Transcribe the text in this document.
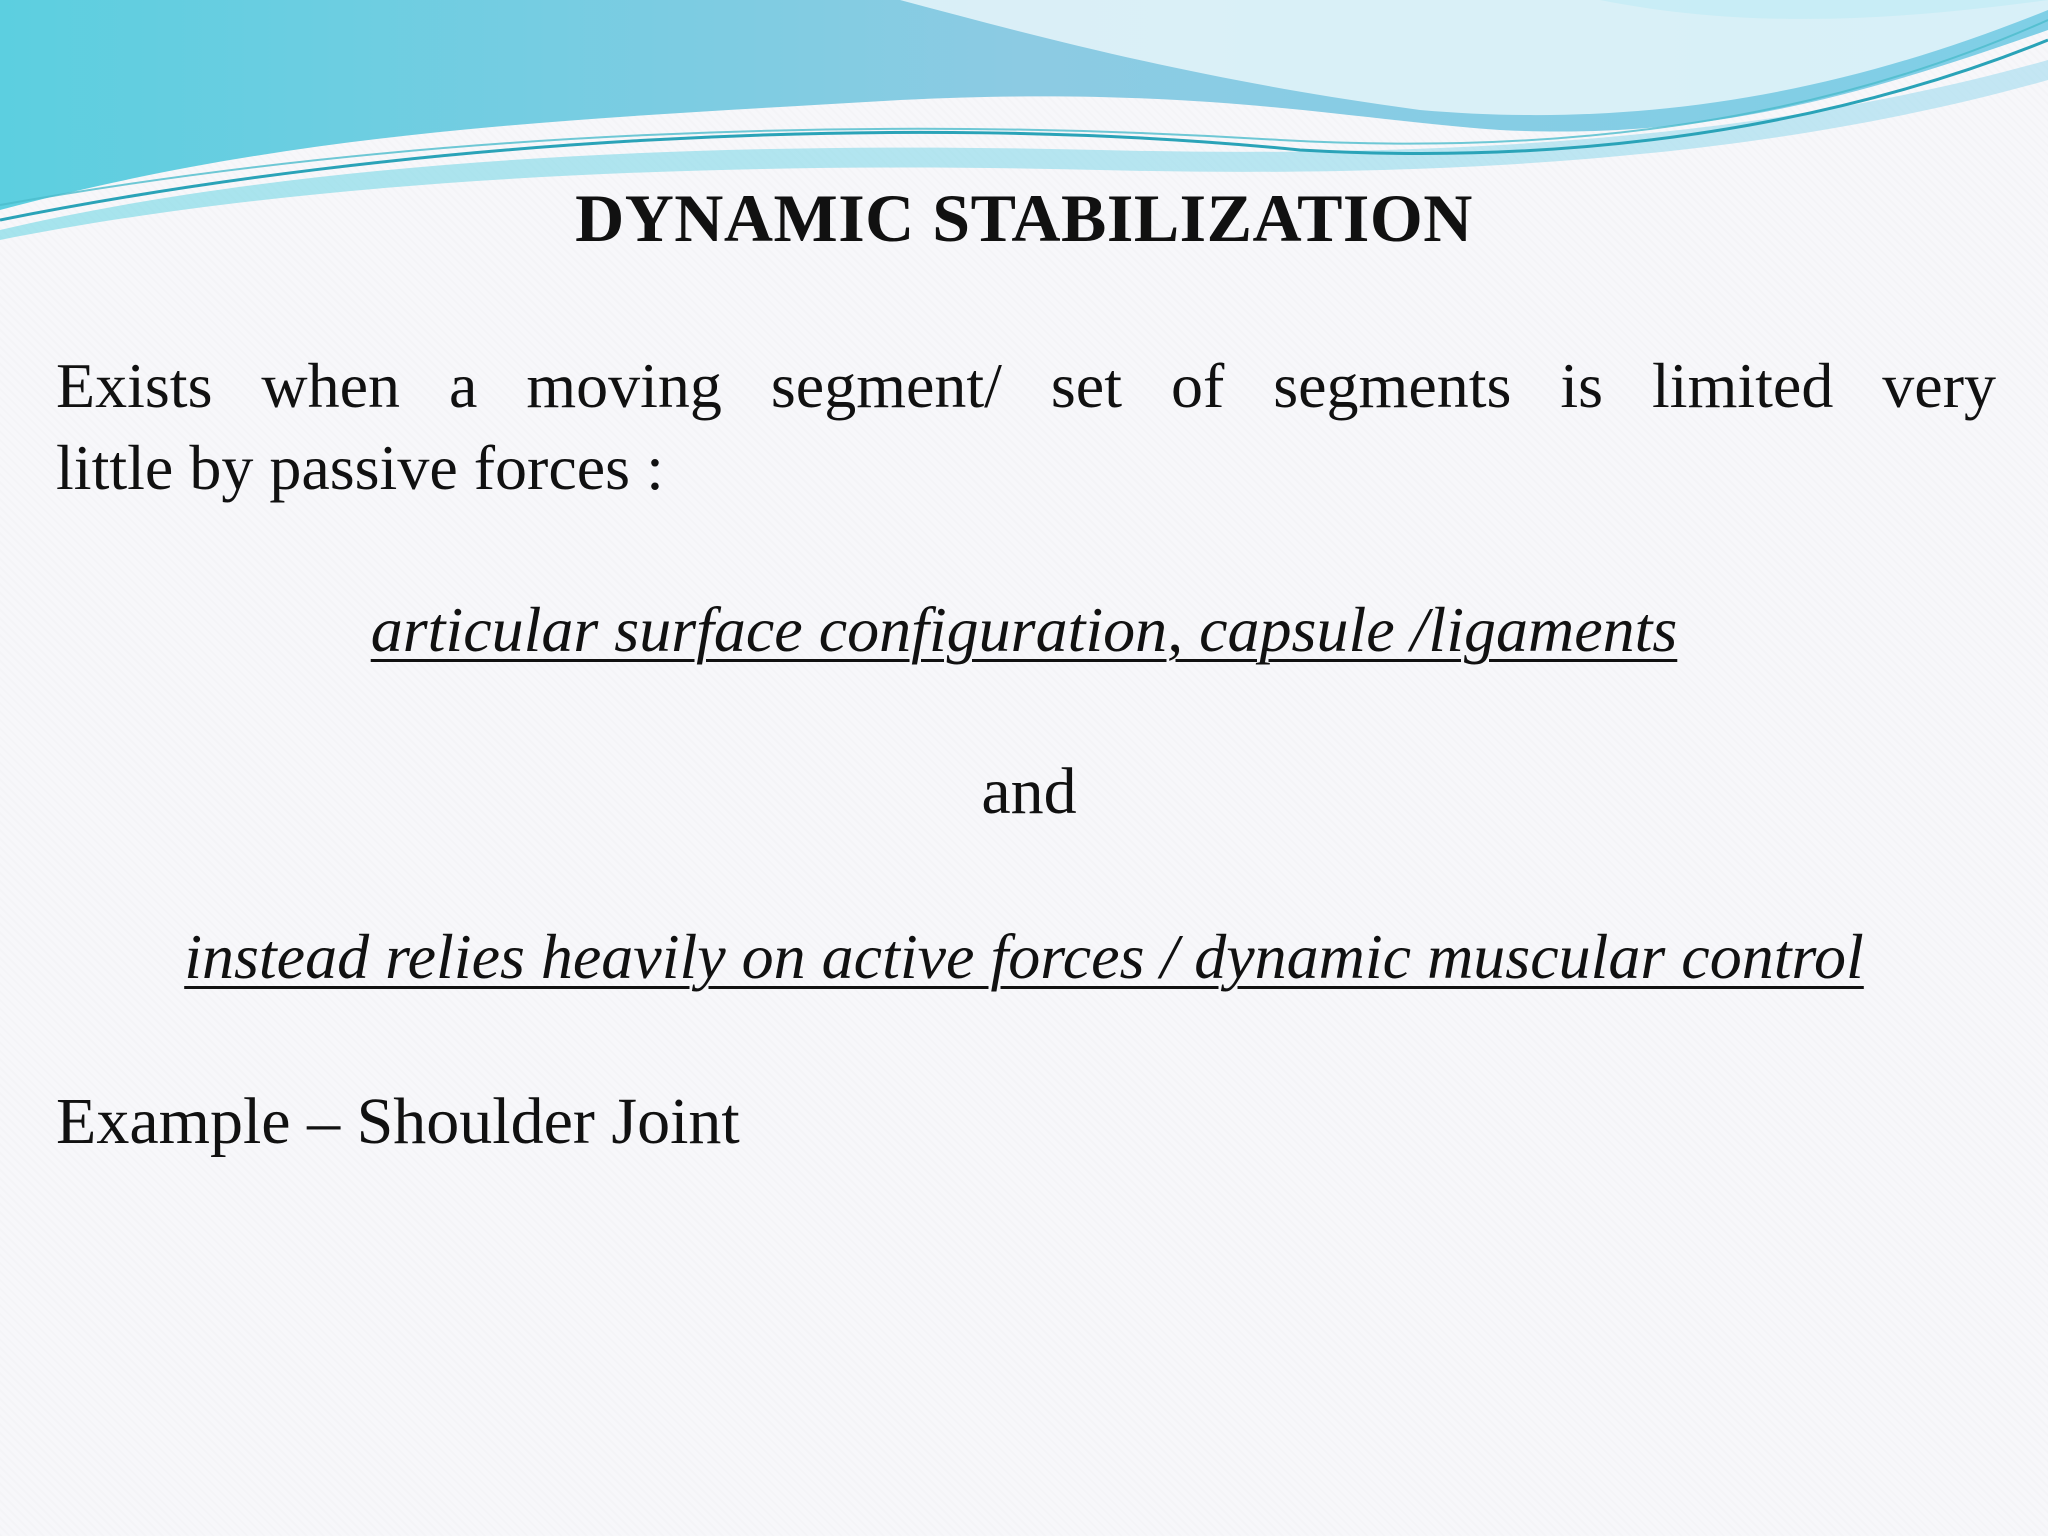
DYNAMIC STABILIZATION
Exists when a moving segment/ set of segments is limited very
little by passive forces :
articular surface configuration, capsule /ligaments
and
instead relies heavily on active forces / dynamic muscular control
Example – Shoulder Joint
